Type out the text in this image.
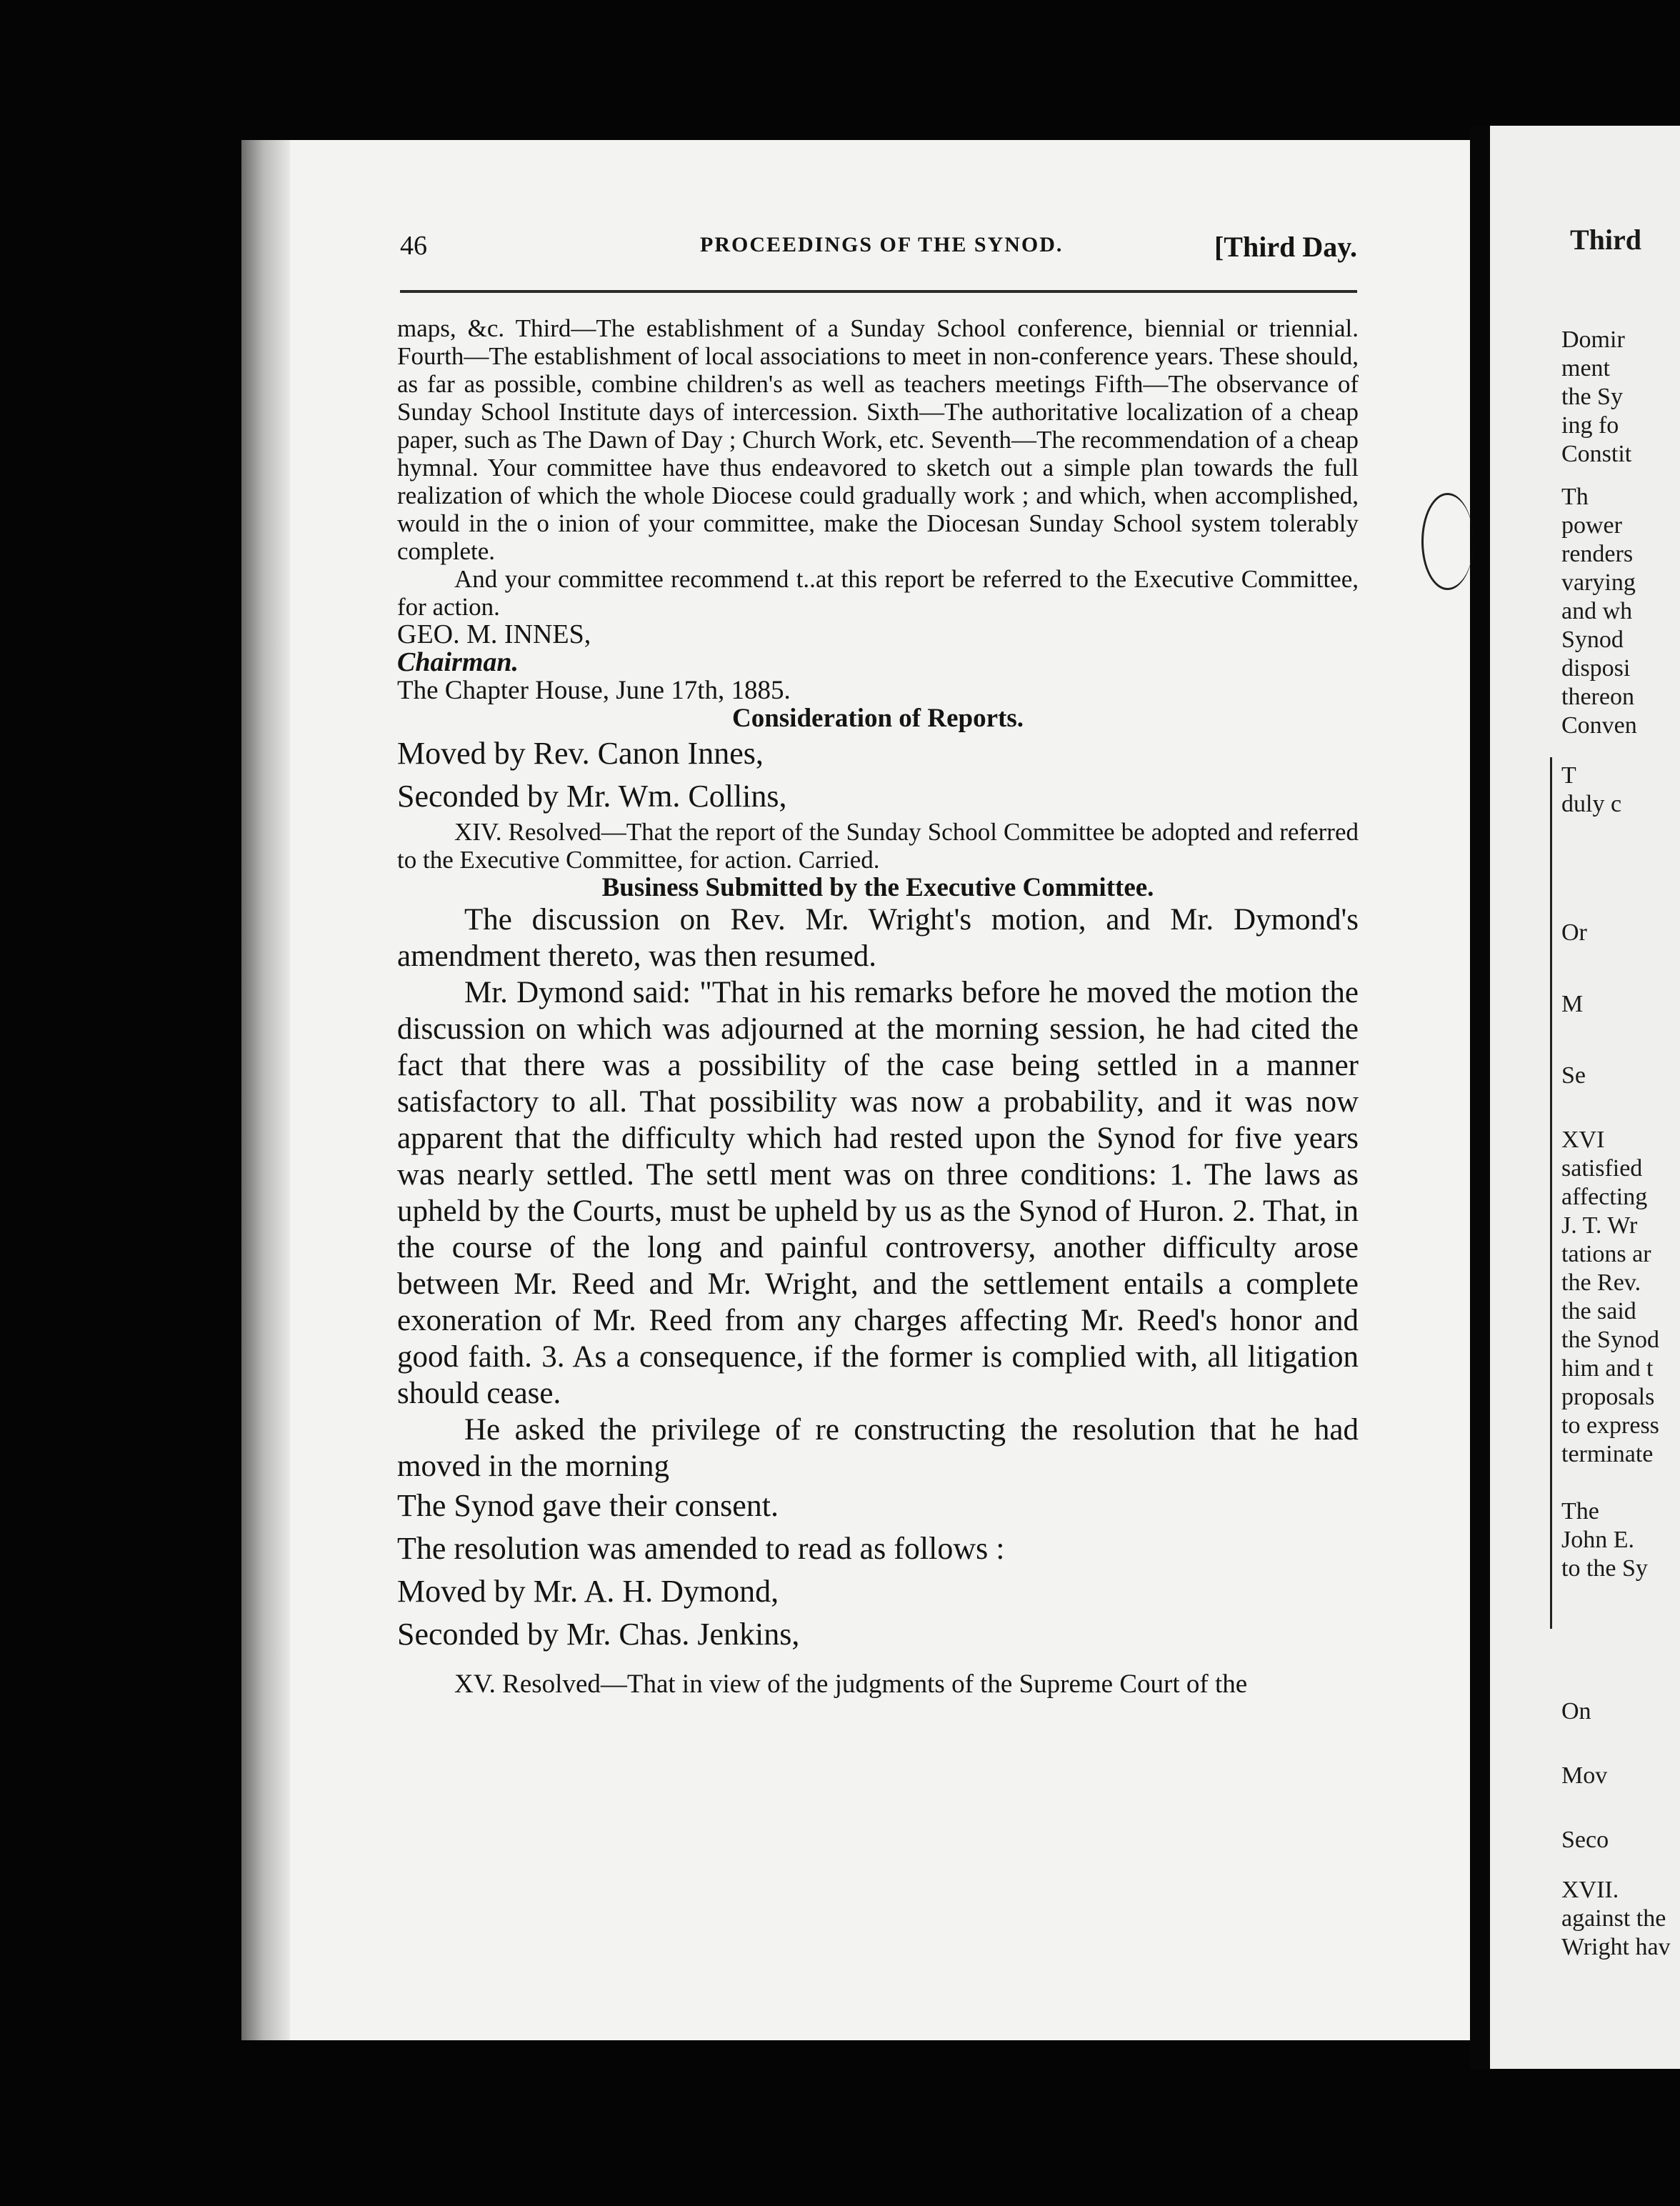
Third
Domir
ment
the Sy
ing fo
Constit
Th
power
renders
varying
and wh
Synod
disposi
thereon
Conven
T
duly c
Or
M
Se
XVI
satisfied
affecting
J. T. Wr
tations ar
the Rev.
the said
the Synod
him and t
proposals
to express
terminate
The
John E.
to the Sy
On
Mov
Seco
XVII.
against the
Wright hav
46	PROCEEDINGS OF THE SYNOD.	[Third Day.

maps, &c. Third—The establishment of a Sunday School conference, biennial or triennial. Fourth—The establishment of local associations to meet in non-conference years. These should, as far as possible, combine children's as well as teachers meetings Fifth—The observance of Sunday School Institute days of intercession. Sixth—The authoritative localization of a cheap paper, such as The Dawn of Day ; Church Work, etc. Seventh—The recommendation of a cheap hymnal. Your committee have thus endeavored to sketch out a simple plan towards the full realization of which the whole Diocese could gradually work ; and which, when accomplished, would in the o inion of your committee, make the Diocesan Sunday School system tolerably complete.

And your committee recommend t..at this report be referred to the Executive Committee, for action.

GEO. M. INNES,

Chairman.

The Chapter House, June 17th, 1885.

Consideration of Reports.

Moved by Rev. Canon Innes,

Seconded by Mr. Wm. Collins,

XIV. Resolved—That the report of the Sunday School Committee be adopted and referred to the Executive Committee, for action. Carried.

Business Submitted by the Executive Committee.

The discussion on Rev. Mr. Wright's motion, and Mr. Dymond's amendment thereto, was then resumed.

Mr. Dymond said: "That in his remarks before he moved the motion the discussion on which was adjourned at the morning session, he had cited the fact that there was a possibility of the case being settled in a manner satisfactory to all. That possibility was now a probability, and it was now apparent that the difficulty which had rested upon the Synod for five years was nearly settled. The settl ment was on three conditions: 1. The laws as upheld by the Courts, must be upheld by us as the Synod of Huron. 2. That, in the course of the long and painful controversy, another difficulty arose between Mr. Reed and Mr. Wright, and the settlement entails a complete exoneration of Mr. Reed from any charges affecting Mr. Reed's honor and good faith. 3. As a consequence, if the former is complied with, all litigation should cease.

He asked the privilege of re constructing the resolution that he had moved in the morning

The Synod gave their consent.

The resolution was amended to read as follows :

Moved by Mr. A. H. Dymond,

Seconded by Mr. Chas. Jenkins,

XV. Resolved—That in view of the judgments of the Supreme Court of the
